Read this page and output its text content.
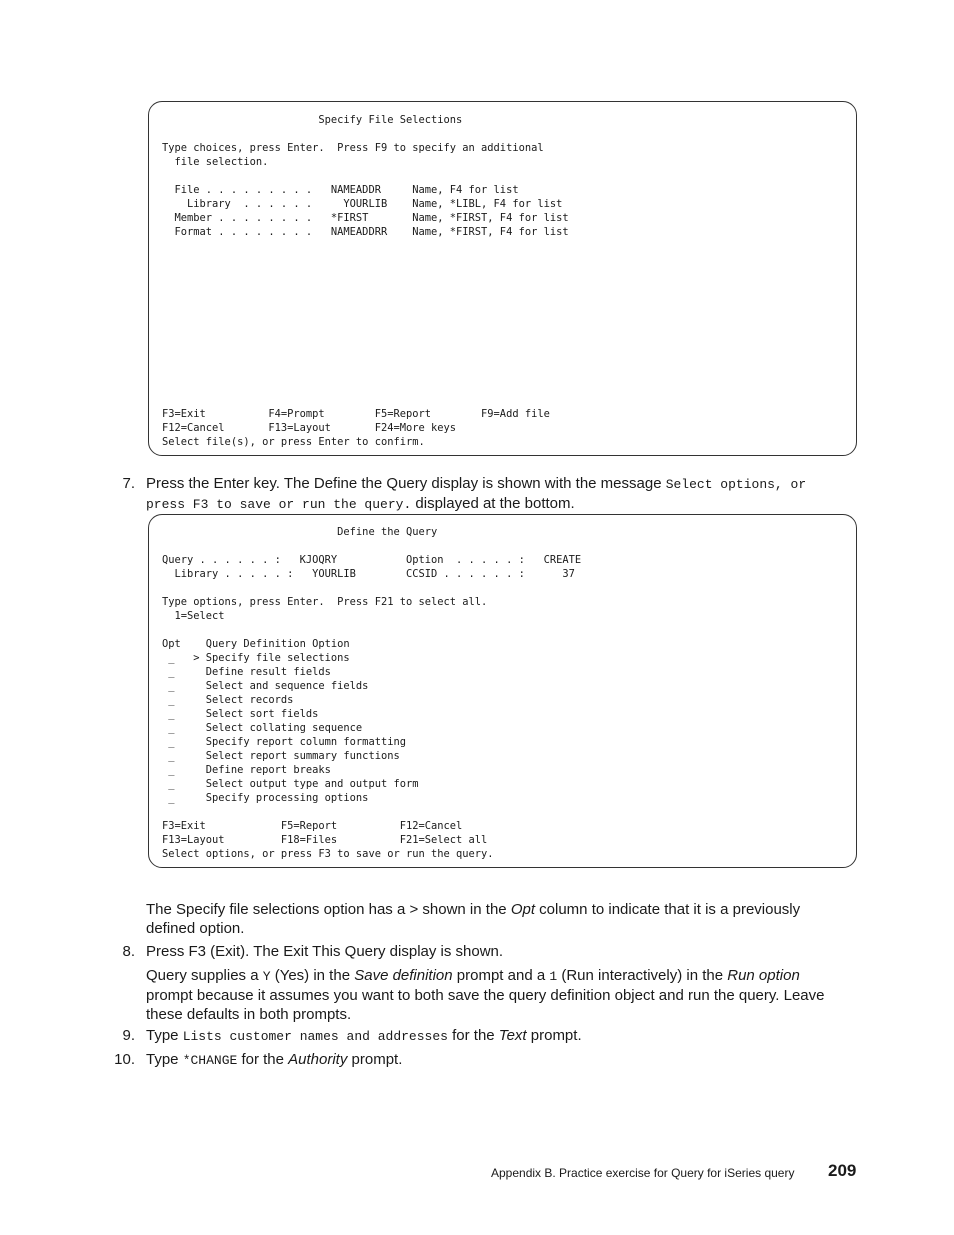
Specify File Selections
Type choices, press Enter.  Press F9 to specify an additional
file selection.
File . . . . . . . . .   NAMEADDR     Name, F4 for list
Library  . . . . . .     YOURLIB    Name, *LIBL, F4 for list
Member . . . . . . . .   *FIRST       Name, *FIRST, F4 for list
Format . . . . . . . .   NAMEADDRR    Name, *FIRST, F4 for list
F3=Exit          F4=Prompt        F5=Report        F9=Add file
F12=Cancel       F13=Layout       F24=More keys
Select file(s), or press Enter to confirm.
7. Press the Enter key. The Define the Query display is shown with the message Select options, or
press F3 to save or run the query. displayed at the bottom.

Define the Query
Query . . . . . . :   KJOQRY           Option  . . . . . :   CREATE
Library . . . . . :   YOURLIB        CCSID . . . . . . :      37
Type options, press Enter.  Press F21 to select all.
1=Select
Opt    Query Definition Option
_   > Specify file selections
_     Define result fields
_     Select and sequence fields
_     Select records
_     Select sort fields
_     Select collating sequence
_     Specify report column formatting
_     Select report summary functions
_     Define report breaks
_     Select output type and output form
_     Specify processing options
F3=Exit            F5=Report          F12=Cancel
F13=Layout         F18=Files          F21=Select all
Select options, or press F3 to save or run the query.

The Specify file selections option has a > shown in the Opt column to indicate that it is a previously defined option.

8. Press F3 (Exit). The Exit This Query display is shown.

Query supplies a Y (Yes) in the Save definition prompt and a 1 (Run interactively) in the Run option prompt because it assumes you want to both save the query definition object and run the query. Leave these defaults in both prompts.

9. Type Lists customer names and addresses for the Text prompt.

10. Type *CHANGE for the Authority prompt.

Appendix B. Practice exercise for Query for iSeries query 209
